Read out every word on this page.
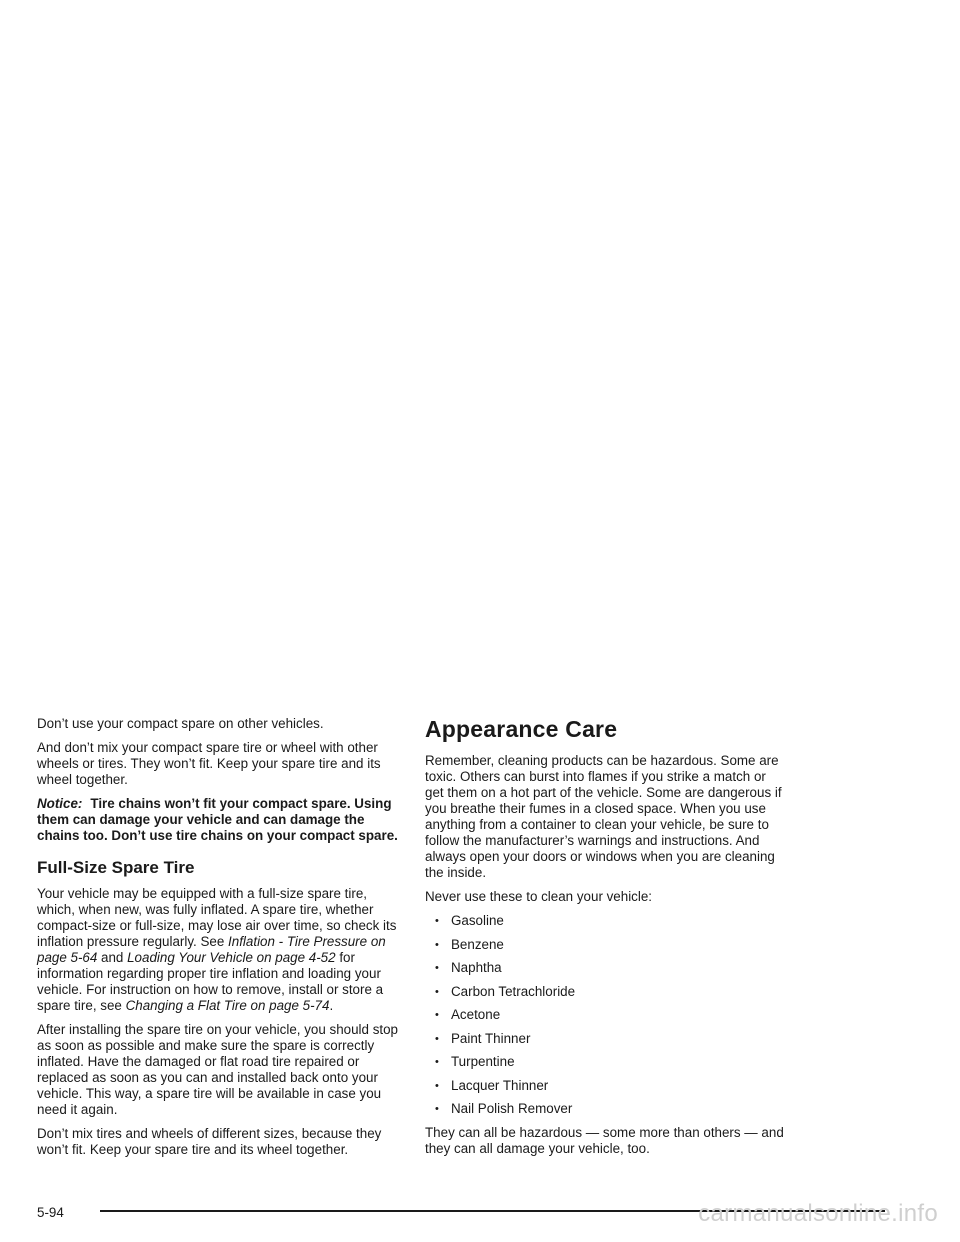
Don’t use your compact spare on other vehicles.

And don’t mix your compact spare tire or wheel with other wheels or tires. They won’t fit. Keep your spare tire and its wheel together.

Notice: Tire chains won’t fit your compact spare. Using them can damage your vehicle and can damage the chains too. Don’t use tire chains on your compact spare.

Full-Size Spare Tire

Your vehicle may be equipped with a full-size spare tire, which, when new, was fully inflated. A spare tire, whether compact-size or full-size, may lose air over time, so check its inflation pressure regularly. See Inflation - Tire Pressure on page 5-64 and Loading Your Vehicle on page 4-52 for information regarding proper tire inflation and loading your vehicle. For instruction on how to remove, install or store a spare tire, see Changing a Flat Tire on page 5-74.

After installing the spare tire on your vehicle, you should stop as soon as possible and make sure the spare is correctly inflated. Have the damaged or flat road tire repaired or replaced as soon as you can and installed back onto your vehicle. This way, a spare tire will be available in case you need it again.

Don’t mix tires and wheels of different sizes, because they won’t fit. Keep your spare tire and its wheel together.

Appearance Care

Remember, cleaning products can be hazardous. Some are toxic. Others can burst into flames if you strike a match or get them on a hot part of the vehicle. Some are dangerous if you breathe their fumes in a closed space. When you use anything from a container to clean your vehicle, be sure to follow the manufacturer’s warnings and instructions. And always open your doors or windows when you are cleaning the inside.

Never use these to clean your vehicle:

• Gasoline
• Benzene
• Naphtha
• Carbon Tetrachloride
• Acetone
• Paint Thinner
• Turpentine
• Lacquer Thinner
• Nail Polish Remover

They can all be hazardous — some more than others — and they can all damage your vehicle, too.

5-94	carmanualsonline.info
